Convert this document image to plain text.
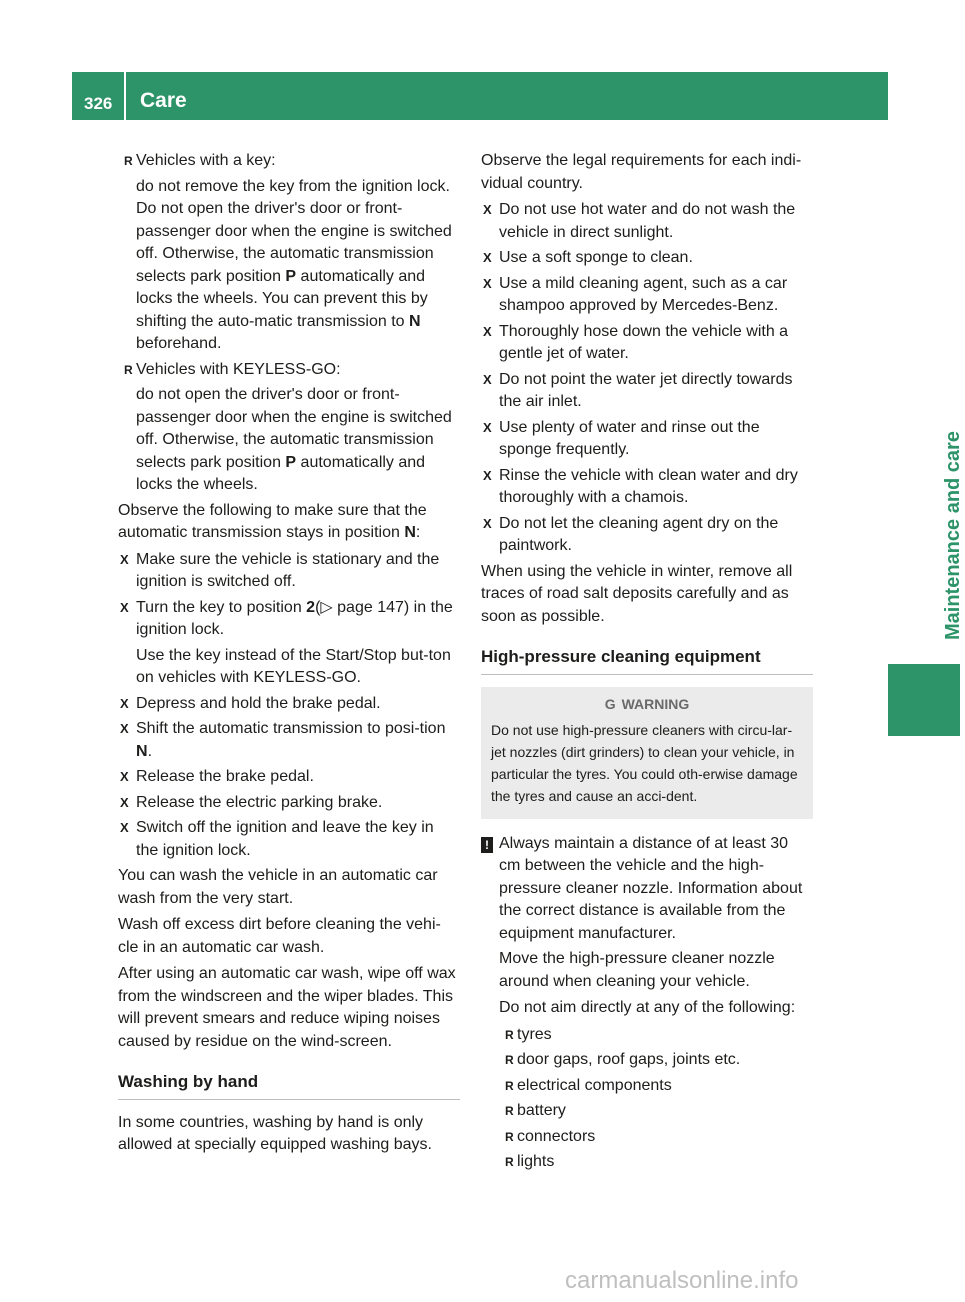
326 Care
Maintenance and care
R Vehicles with a key:
do not remove the key from the ignition lock. Do not open the driver's door or front-passenger door when the engine is switched off. Otherwise, the automatic transmission selects park position P automatically and locks the wheels. You can prevent this by shifting the auto-matic transmission to N beforehand.
R Vehicles with KEYLESS-GO:
do not open the driver's door or front-passenger door when the engine is switched off. Otherwise, the automatic transmission selects park position P automatically and locks the wheels.

Observe the following to make sure that the automatic transmission stays in position N:

X Make sure the vehicle is stationary and the ignition is switched off.
X Turn the key to position 2(▷ page 147) in the ignition lock.
Use the key instead of the Start/Stop but-ton on vehicles with KEYLESS-GO.
X Depress and hold the brake pedal.
X Shift the automatic transmission to posi-tion N.
X Release the brake pedal.
X Release the electric parking brake.
X Switch off the ignition and leave the key in the ignition lock.

You can wash the vehicle in an automatic car wash from the very start.

Wash off excess dirt before cleaning the vehi-cle in an automatic car wash.

After using an automatic car wash, wipe off wax from the windscreen and the wiper blades. This will prevent smears and reduce wiping noises caused by residue on the wind-screen.

Washing by hand

In some countries, washing by hand is only allowed at specially equipped washing bays.

Observe the legal requirements for each indi-vidual country.

X Do not use hot water and do not wash the vehicle in direct sunlight.
X Use a soft sponge to clean.
X Use a mild cleaning agent, such as a car shampoo approved by Mercedes-Benz.
X Thoroughly hose down the vehicle with a gentle jet of water.
X Do not point the water jet directly towards the air inlet.
X Use plenty of water and rinse out the sponge frequently.
X Rinse the vehicle with clean water and dry thoroughly with a chamois.
X Do not let the cleaning agent dry on the paintwork.

When using the vehicle in winter, remove all traces of road salt deposits carefully and as soon as possible.

High-pressure cleaning equipment
G WARNING
Do not use high-pressure cleaners with circu-lar-jet nozzles (dirt grinders) to clean your vehicle, in particular the tyres. You could oth-erwise damage the tyres and cause an acci-dent.
! Always maintain a distance of at least 30 cm between the vehicle and the high-pressure cleaner nozzle. Information about the correct distance is available from the equipment manufacturer.

Move the high-pressure cleaner nozzle around when cleaning your vehicle.

Do not aim directly at any of the following:

R tyres
R door gaps, roof gaps, joints etc.
R electrical components
R battery
R connectors
R lights
carmanualsonline.info
